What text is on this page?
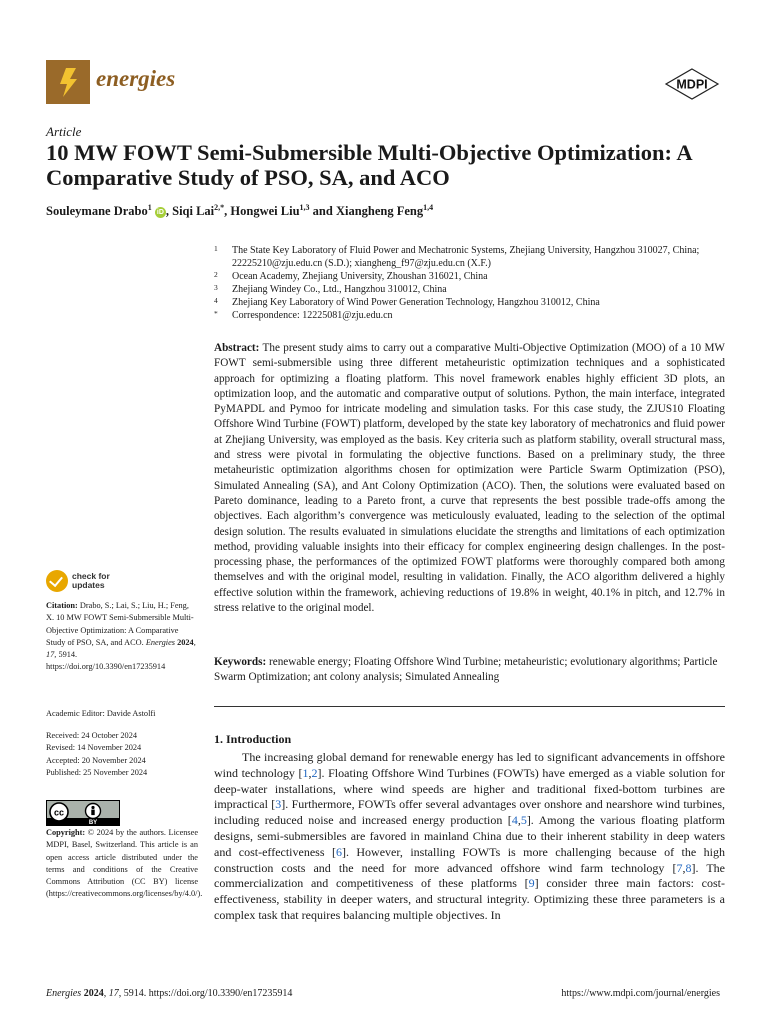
energies	MDPI
Article
10 MW FOWT Semi-Submersible Multi-Objective Optimization: A Comparative Study of PSO, SA, and ACO
Souleymane Drabo$^1$ iD , Siqi Lai$^{2,*}$, Hongwei Liu$^{1,3}$ and Xiangheng Feng$^{1,4}$
1 The State Key Laboratory of Fluid Power and Mechatronic Systems, Zhejiang University, Hangzhou 310027, China; 22225210@zju.edu.cn (S.D.); xiangheng_f97@zju.edu.cn (X.F.)
2 Ocean Academy, Zhejiang University, Zhoushan 316021, China
3 Zhejiang Windey Co., Ltd., Hangzhou 310012, China
4 Zhejiang Key Laboratory of Wind Power Generation Technology, Hangzhou 310012, China
* Correspondence: 12225081@zju.edu.cn
Abstract: The present study aims to carry out a comparative Multi-Objective Optimization (MOO) of a 10 MW FOWT semi-submersible using three different metaheuristic optimization techniques and a sophisticated approach for optimizing a floating platform. This novel framework enables highly efficient 3D plots, an optimization loop, and the automatic and comparative output of solutions. Python, the main interface, integrated PyMAPDL and Pymoo for intricate modeling and simulation tasks. For this case study, the ZJUS10 Floating Offshore Wind Turbine (FOWT) platform, developed by the state key laboratory of mechatronics and fluid power at Zhejiang University, was employed as the basis. Key criteria such as platform stability, overall structural mass, and stress were pivotal in formulating the objective functions. Based on a preliminary study, the three metaheuristic optimization algorithms chosen for optimization were Particle Swarm Optimization (PSO), Simulated Annealing (SA), and Ant Colony Optimization (ACO). Then, the solutions were evaluated based on Pareto dominance, leading to a Pareto front, a curve that represents the best possible trade-offs among the objectives. Each algorithm’s convergence was meticulously evaluated, leading to the selection of the optimal design solution. The results evaluated in simulations elucidate the strengths and limitations of each optimization method, providing valuable insights into their efficacy for complex engineering design challenges. In the post-processing phase, the performances of the optimized FOWT platforms were thoroughly compared both among themselves and with the original model, resulting in validation. Finally, the ACO algorithm delivered a highly effective solution within the framework, achieving reductions of 19.8% in weight, 40.1% in pitch, and 12.7% in stress relative to the original model.
Keywords: renewable energy; Floating Offshore Wind Turbine; metaheuristic; evolutionary algorithms; Particle Swarm Optimization; ant colony analysis; Simulated Annealing
1. Introduction
The increasing global demand for renewable energy has led to significant advancements in offshore wind technology [1,2]. Floating Offshore Wind Turbines (FOWTs) have emerged as a viable solution for deep-water installations, where wind speeds are higher and traditional fixed-bottom turbines are impractical [3]. Furthermore, FOWTs offer several advantages over onshore and nearshore wind turbines, including reduced noise and increased energy production [4,5]. Among the various floating platform designs, semi-submersibles are favored in mainland China due to their inherent stability in deep waters and cost-effectiveness [6]. However, installing FOWTs is more challenging because of the high construction costs and the need for more advanced offshore wind farm technology [7,8]. The commercialization and competitiveness of these platforms [9] consider three main factors: cost-effectiveness, stability in deeper waters, and structural integrity. Optimizing these three parameters is a complex task that requires balancing multiple objectives. In
check for updates
Citation: Drabo, S.; Lai, S.; Liu, H.; Feng, X. 10 MW FOWT Semi-Submersible Multi-Objective Optimization: A Comparative Study of PSO, SA, and ACO. Energies 2024, 17, 5914. https://doi.org/10.3390/en17235914
Academic Editor: Davide Astolfi
Received: 24 October 2024
Revised: 14 November 2024
Accepted: 20 November 2024
Published: 25 November 2024
cc
BY
Copyright: © 2024 by the authors. Licensee MDPI, Basel, Switzerland. This article is an open access article distributed under the terms and conditions of the Creative Commons Attribution (CC BY) license (https://creativecommons.org/licenses/by/4.0/).
Energies 2024, 17, 5914. https://doi.org/10.3390/en17235914	https://www.mdpi.com/journal/energies
